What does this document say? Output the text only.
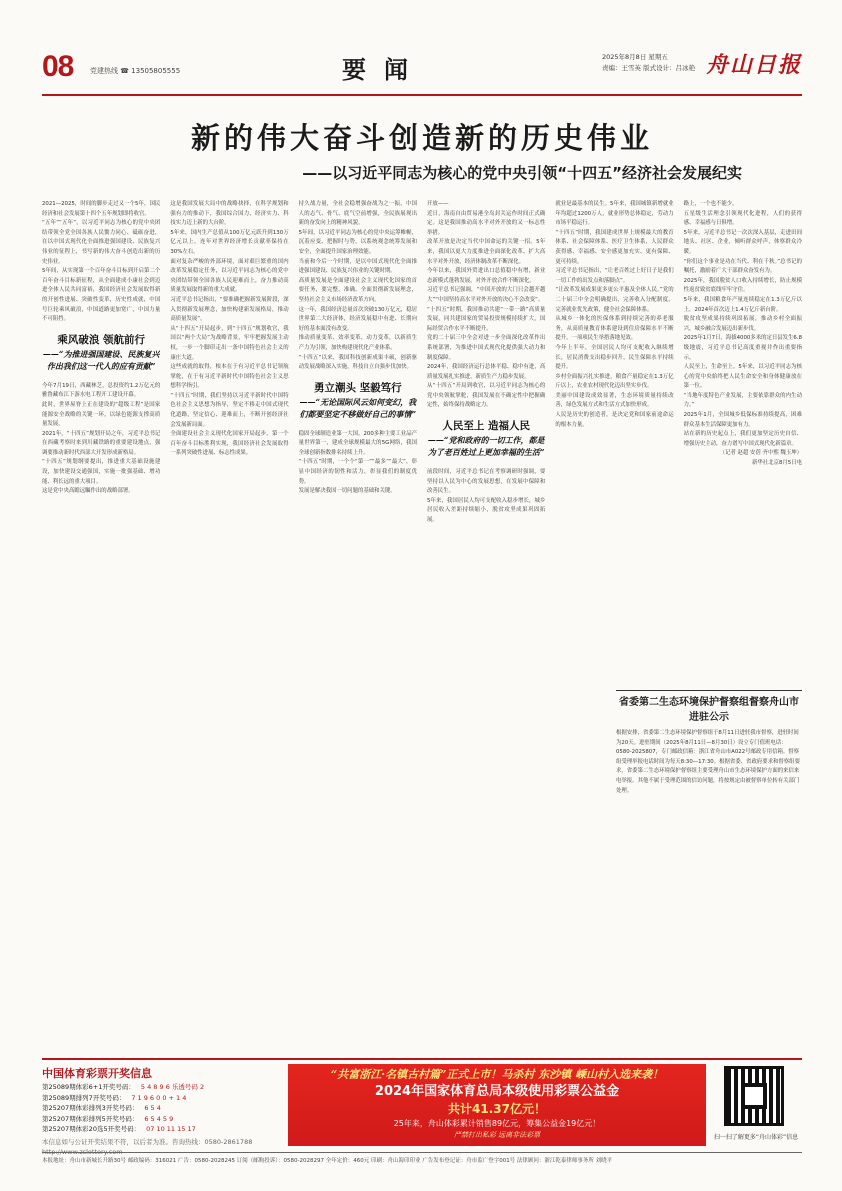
08 党建热线 ☎ 13505805555	要闻	2025年8月8日 星期五
责编：王雪英 版式设计：吕冰艳 舟山日报
新的伟大奋斗创造新的历史伟业
——以习近平同志为核心的党中央引领“十四五”经济社会发展纪实
2021—2025，时间的脚步走过又一个5年，国民经济和社会发展第十四个五年规划即将收官。
“五年”“五年”，以习近平同志为核心的党中央团结带领全党全国各族人民勠力同心、砥砺奋进，在以中国式现代化全面推进强国建设、民族复兴伟业的征程上，书写新的伟大奋斗创造出新的历史伟业。
5年间，从实现第一个百年奋斗目标到开启第二个百年奋斗目标新征程，从全面建成小康社会到迈进全体人民共同富裕，我国经济社会发展取得新的开创性进展、突破性变革，历史性成就，中国号巨轮乘风破浪，中国道路更加宽广，中国力量不可阻挡。
乘风破浪 领航前行
——“为推进强国建设、民族复兴
作出我们这一代人的应有贡献”
今年7月19日，西藏林芝，总投资约1.2万亿元的雅鲁藏布江下游水电工程开工建设开幕。
此时，世界屋脊上正在建设的“超级工程”是国家能源安全战略的关键一环，以绿色能源支撑高质量发展。
2021年，“十四五”规划开局之年，习近平总书记在西藏考察时来到川藏铁路的重要建设地点，强调要推动新时代西部大开发形成新格局。
“十四五”规划纲要提出，推进重大基础设施建设，加快建设交通强国，实施一批强基础、增功能、利长远的重大项目。
这是党中央高瞻远瞩作出的战略部署。
这是我国发展大局中的战略抉择，在科学规划和强有力的推动下，我国综合国力、经济实力、科技实力迈上新的大台阶。
5年来，国内生产总值从100万亿元跃升到130万亿元以上，连年对世界经济增长贡献率保持在30%左右。
面对复杂严峻的外部环境，面对艰巨繁重的国内改革发展稳定任务，以习近平同志为核心的党中央团结带领全国各族人民迎难而上，奋力推动高质量发展取得新的重大成就。
习近平总书记指出，“要准确把握新发展阶段，深入贯彻新发展理念，加快构建新发展格局，推动高质量发展”。
从“十四五”开局起步，到“十四五”规划收官，我国以“两个大局”为战略背景，牢牢把握发展主动权，一步一个脚印走出一条中国特色社会主义的康庄大道。
这些成就的取得，根本在于有习近平总书记领航掌舵，在于有习近平新时代中国特色社会主义思想科学指引。
“十四五”时期，我们坚持以习近平新时代中国特色社会主义思想为指导，坚定不移走中国式现代化道路，坚定信心、迎难而上，不断开创经济社会发展新局面。
全面建设社会主义现代化国家开局起步，第一个百年奋斗目标胜利实现，我国经济社会发展取得一系列突破性进展、标志性成果。
持久战力量，全社会稳增强奋战为之一振，中国人的志气、骨气、底气空前增强，全民族展现出新的奋发向上的精神风貌。
5年间，以习近平同志为核心的党中央运筹帷幄，沉着应变、把握时与势，以系统观念统筹发展和安全，全面提升国家治理效能。
当前和今后一个时期，是以中国式现代化全面推进强国建设、民族复兴伟业的关键时期。
高质量发展是全面建设社会主义现代化国家的首要任务，要完整、准确、全面贯彻新发展理念，坚持社会主义市场经济改革方向。
这一年，我国经济总量首次突破130万亿元，稳居世界第二大经济体，经济发展稳中有进、长期向好的基本面没有改变。
推动质量变革、效率变革、动力变革，以新质生产力为引领，加快构建现代化产业体系。
“十四五”以来，我国科技创新成果丰硕，创新驱动发展战略深入实施，科技自立自强步伐加快。
勇立潮头 坚毅笃行
——“无论国际风云如何变幻，我
们都要坚定不移做好自己的事情”
稳固全球制造业第一大国，200多种主要工业品产量世界第一，建成全球规模最大的5G网络，我国全球创新指数排名持续上升。
“十四五”时期，一个个“第一”“最多”“最大”，彰显中国经济的韧性和活力，彰显我们的制度优势。
发展是解决我国一切问题的基础和关键。
开放——
近日，海南自由贸易港全岛封关运作时间正式确定。这是我国推动高水平对外开放的又一标志性举措。
改革开放是决定当代中国命运的关键一招。5年来，我国以更大力度推进全面深化改革、扩大高水平对外开放，经济体制改革不断深化。
今年以来，我国外贸进出口总值稳中有增，新业态新模式蓬勃发展，对外开放合作不断深化。
习近平总书记强调，“中国开放的大门只会越开越大”“中国坚持高水平对外开放的决心不会改变”。
“十四五”时期，我国推动共建“一带一路”高质量发展，同共建国家的贸易投资规模持续扩大，国际经贸合作水平不断提升。
党的二十届三中全会对进一步全面深化改革作出系统部署，为推进中国式现代化提供强大动力和制度保障。
2024年，我国经济运行总体平稳、稳中有进，高质量发展扎实推进，新质生产力稳步发展。
从“十四五”开局到收官，以习近平同志为核心的党中央领航掌舵，我国发展在不确定性中把握确定性，始终保持战略定力。
人民至上 造福人民
——“党和政府的一切工作，都是
为了老百姓过上更加幸福的生活”
前段时间，习近平总书记在考察调研时强调，要坚持以人民为中心的发展思想，在发展中保障和改善民生。
5年来，我国居民人均可支配收入稳步增长，城乡居民收入差距持续缩小，脱贫攻坚成果巩固拓展。
就业是最基本的民生。5年来，我国城镇新增就业年均超过1200万人，就业形势总体稳定，劳动力市场平稳运行。
“十四五”时期，我国建成世界上规模最大的教育体系、社会保障体系、医疗卫生体系，人民群众获得感、幸福感、安全感更加充实、更有保障、更可持续。
习近平总书记指出，“让老百姓过上好日子是我们一切工作的出发点和落脚点”。
“让改革发展成果更多更公平惠及全体人民。”党的二十届三中全会明确提出，完善收入分配制度，完善就业优先政策，健全社会保障体系。
从城乡一体化的医保体系到持续完善的养老服务，从高质量教育体系建设到住房保障水平不断提升，一项项民生举措落地见效。
今年上半年，全国居民人均可支配收入继续增长，居民消费支出稳步回升，民生保障水平持续提升。
乡村全面振兴扎实推进，粮食产量稳定在1.3万亿斤以上，农业农村现代化迈出坚实步伐。
美丽中国建设成效显著，生态环境质量持续改善，绿色发展方式和生活方式加快形成。
人民是历史的创造者，是决定党和国家前途命运的根本力量。
路上，一个也不能少。
五星级生活理念引领现代化进程，人们的获得感、幸福感与日俱增。
5年来，习近平总书记一次次深入基层，走进田间地头、社区、企业，倾听群众呼声，体察群众冷暖。
“你们这个事业是功在当代、利在千秋。”总书记的嘱托，激励着广大干部群众奋发有为。
2025年，我国脱贫人口收入持续增长，防止规模性返贫致贫底线牢牢守住。
5年来，我国粮食年产量连续稳定在1.3万亿斤以上，2024年首次迈上1.4万亿斤新台阶。
脱贫攻坚成果持续巩固拓展，推动乡村全面振兴，城乡融合发展迈出新步伐。
2025年1月7日，海拔4000多米的定日县发生6.8级地震，习近平总书记高度重视并作出重要指示。
人民至上，生命至上。5年来，以习近平同志为核心的党中央始终把人民生命安全和身体健康放在第一位。
“当地年度特色产业发展，主要依靠群众的内生动力。”
2025年1月，全国城乡低保标准持续提高，困难群众基本生活保障更加有力。
站在新的历史起点上，我们更加坚定历史自信、增强历史主动，奋力谱写中国式现代化新篇章。
（记者 赵超 安蓓 齐中熙 魏玉坤）
新华社北京8月5日电
省委第二生态环境保护督察组督察舟山市进驻公示
根据安排，省委第二生态环境保护督察组于8月11日进驻我市督察，进驻时间为20天。进驻期间（2025年8月11日—8月30日）设立专门值班电话：0580-2025807，专门邮政信箱：浙江省舟山市A022号邮政专用信箱。督察组受理举报电话时间为每天8:30—17:30。根据省委、省政府要求和督察组要求，省委第二生态环境保护督察组主要受理舟山市生态环境保护方面的来信来电举报。其他不属于受理范围的信访问题，将按规定由被督察单位转有关部门处理。
中国体育彩票开奖信息
第25089期体彩6+1开奖号码： 5 4 8 9 6 乐透号码 2
第25089期排列7开奖号码： 7 1 9 6 0 0 + 1 4
第25207期体彩排列3开奖号码： 6 5 4
第25207期体彩排列5开奖号码： 6 5 4 5 9
第25207期体彩20选5开奖号码： 07 10 11 15 17
本信息如与公证开奖结果不符，以后者为准。咨询热线：0580-2861788 http://www.zslottery.com
“共富浙江·名镇古村篇”正式上市！马杀村 东沙镇 嵊山村入选来袭！
2024年国家体育总局本级使用彩票公益金
共计41.37亿元！
25年来，舟山体彩累计销售89亿元，筹集公益金19亿元！
严禁打出私彩 远离非法彩票	扫一扫了解更多“舟山体彩”信息
本报地址：舟山市新城长升路30号 邮政编码：316021 广告：0580-2028245 订阅（邮购投诉）：0580-2028297 全年定价：460元 印刷：舟山海印印业 广告发布登记证：舟市监广登字001号 法律顾问：浙江乾泰律师事务所 刘晓平
